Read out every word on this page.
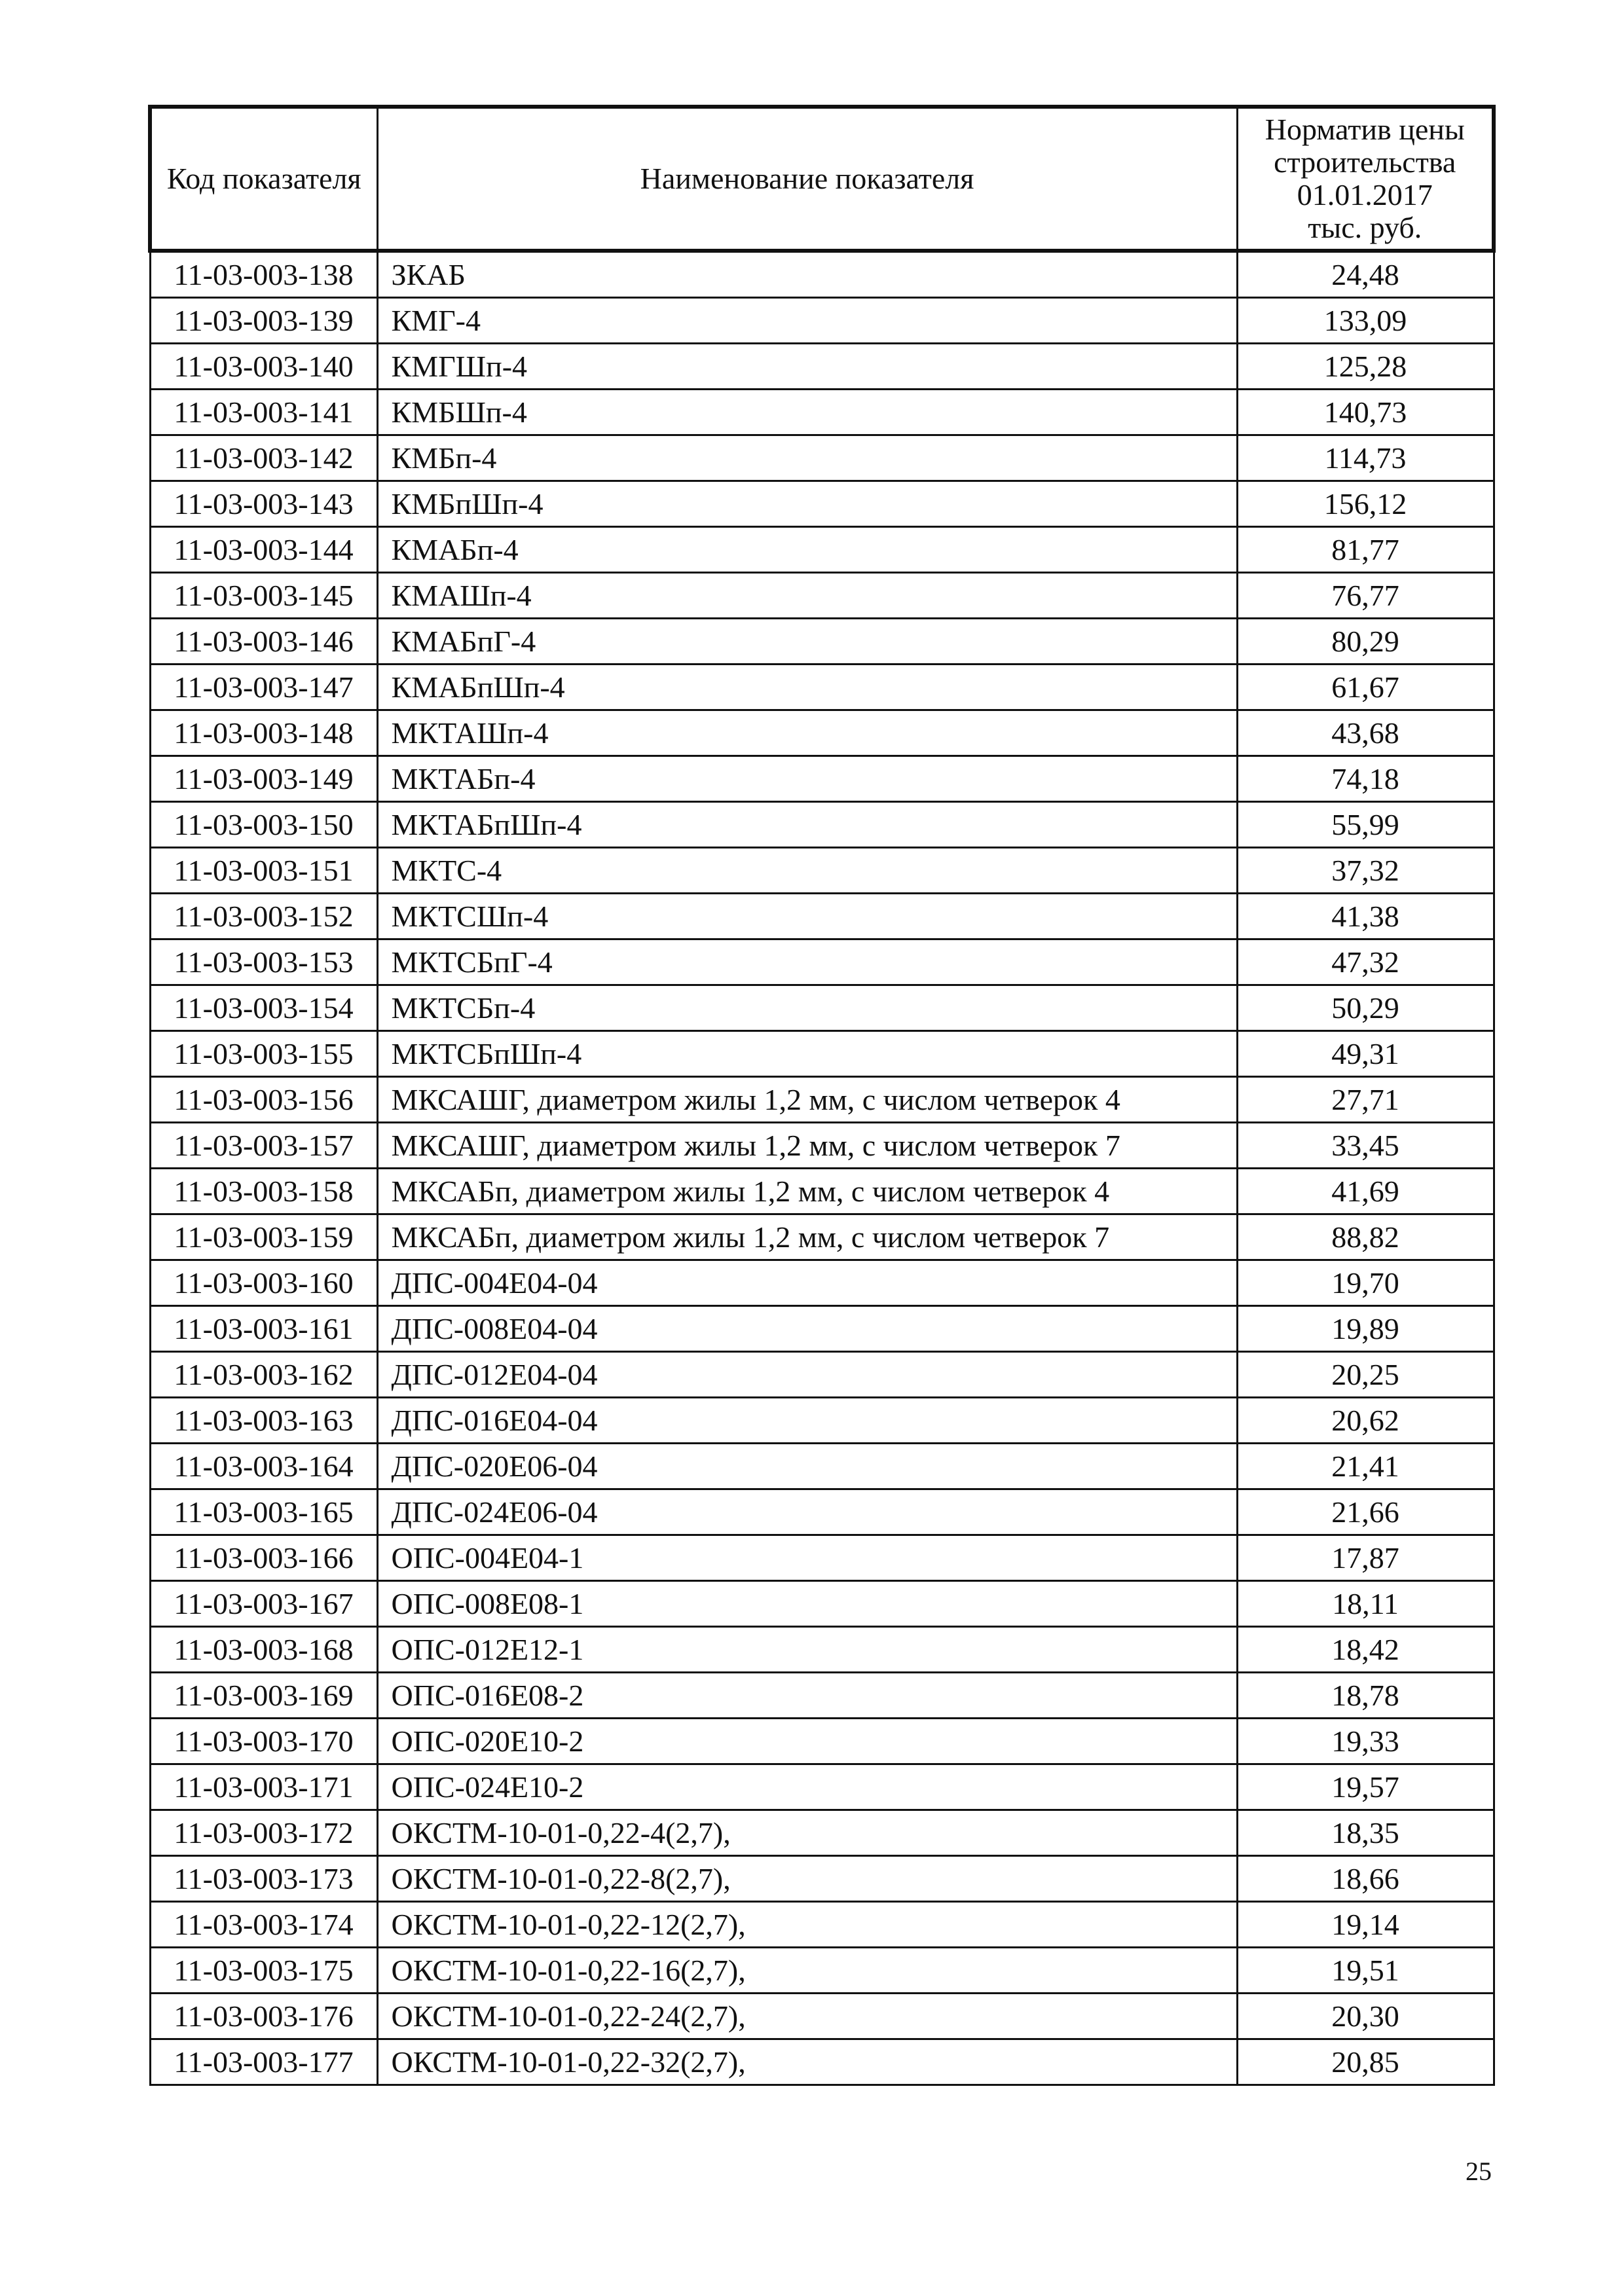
Код показателя	Наименование показателя	Норматив цены
строительства
01.01.2017
тыс. руб.

11-03-003-138	ЗКАБ	24,48
11-03-003-139	КМГ-4	133,09
11-03-003-140	КМГШп-4	125,28
11-03-003-141	КМБШп-4	140,73
11-03-003-142	КМБп-4	114,73
11-03-003-143	КМБпШп-4	156,12
11-03-003-144	КМАБп-4	81,77
11-03-003-145	КМАШп-4	76,77
11-03-003-146	КМАБпГ-4	80,29
11-03-003-147	КМАБпШп-4	61,67
11-03-003-148	МКТАШп-4	43,68
11-03-003-149	МКТАБп-4	74,18
11-03-003-150	МКТАБпШп-4	55,99
11-03-003-151	МКТС-4	37,32
11-03-003-152	МКТСШп-4	41,38
11-03-003-153	МКТСБпГ-4	47,32
11-03-003-154	МКТСБп-4	50,29
11-03-003-155	МКТСБпШп-4	49,31
11-03-003-156	МКСАШГ, диаметром жилы 1,2 мм, с числом четверок 4	27,71
11-03-003-157	МКСАШГ, диаметром жилы 1,2 мм, с числом четверок 7	33,45
11-03-003-158	МКСАБп, диаметром жилы 1,2 мм, с числом четверок 4	41,69
11-03-003-159	МКСАБп, диаметром жилы 1,2 мм, с числом четверок 7	88,82
11-03-003-160	ДПС-004Е04-04	19,70
11-03-003-161	ДПС-008Е04-04	19,89
11-03-003-162	ДПС-012Е04-04	20,25
11-03-003-163	ДПС-016Е04-04	20,62
11-03-003-164	ДПС-020Е06-04	21,41
11-03-003-165	ДПС-024Е06-04	21,66
11-03-003-166	ОПС-004Е04-1	17,87
11-03-003-167	ОПС-008Е08-1	18,11
11-03-003-168	ОПС-012Е12-1	18,42
11-03-003-169	ОПС-016Е08-2	18,78
11-03-003-170	ОПС-020Е10-2	19,33
11-03-003-171	ОПС-024Е10-2	19,57
11-03-003-172	ОКСТМ-10-01-0,22-4(2,7),	18,35
11-03-003-173	ОКСТМ-10-01-0,22-8(2,7),	18,66
11-03-003-174	ОКСТМ-10-01-0,22-12(2,7),	19,14
11-03-003-175	ОКСТМ-10-01-0,22-16(2,7),	19,51
11-03-003-176	ОКСТМ-10-01-0,22-24(2,7),	20,30
11-03-003-177	ОКСТМ-10-01-0,22-32(2,7),	20,85
25
